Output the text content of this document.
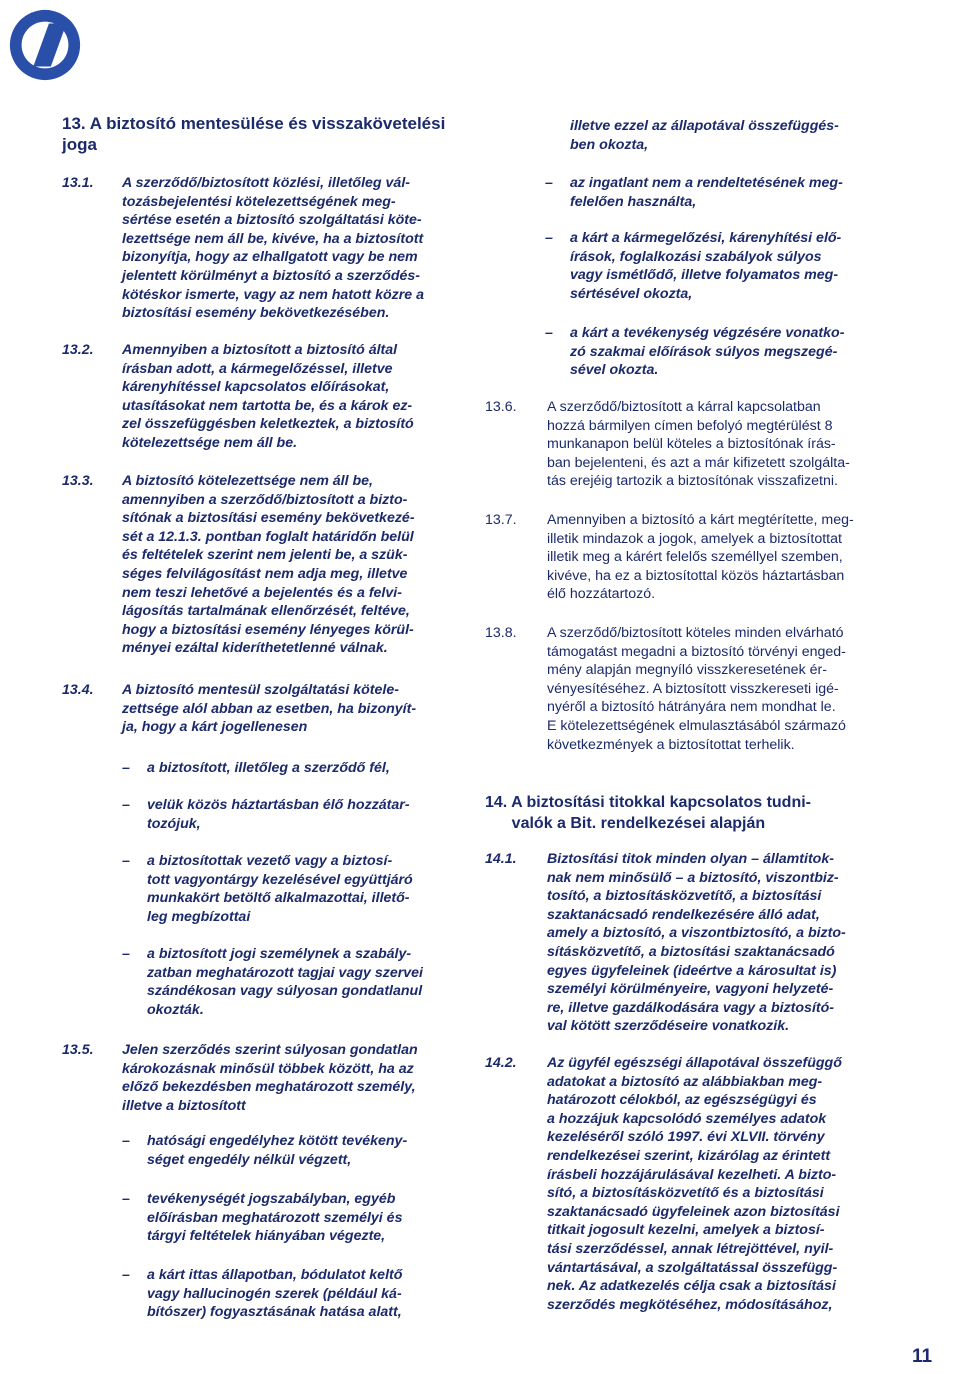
13. A biztosító mentesülése és visszakövetelési
joga
13.1. A szerződő/biztosított közlési, illetőleg vál-
tozásbejelentési kötelezettségének meg-
sértése esetén a biztosító szolgáltatási köte-
lezettsége nem áll be, kivéve, ha a biztosított
bizonyítja, hogy az elhallgatott vagy be nem
jelentett körülményt a biztosító a szerződés-
kötéskor ismerte, vagy az nem hatott közre a
biztosítási esemény bekövetkezésében.
13.2. Amennyiben a biztosított a biztosító által
írásban adott, a kármegelőzéssel, illetve
kárenyhítéssel kapcsolatos előírásokat,
utasításokat nem tartotta be, és a károk ez-
zel összefüggésben keletkeztek, a biztosító
kötelezettsége nem áll be.
13.3. A biztosító kötelezettsége nem áll be,
amennyiben a szerződő/biztosított a bizto-
sítónak a biztosítási esemény bekövetkezé-
sét a 12.1.3. pontban foglalt határidőn belül
és feltételek szerint nem jelenti be, a szük-
séges felvilágosítást nem adja meg, illetve
nem teszi lehetővé a bejelentés és a felvi-
lágosítás tartalmának ellenőrzését, feltéve,
hogy a biztosítási esemény lényeges körül-
ményei ezáltal kideríthetetlenné válnak.
13.4. A biztosító mentesül szolgáltatási kötele-
zettsége alól abban az esetben, ha bizonyít-
ja, hogy a kárt jogellenesen
– a biztosított, illetőleg a szerződő fél,
– velük közös háztartásban élő hozzátar-
tozójuk,
– a biztosítottak vezető vagy a biztosí-
tott vagyontárgy kezelésével együttjáró
munkakört betöltő alkalmazottai, illető-
leg megbízottai
– a biztosított jogi személynek a szabály-
zatban meghatározott tagjai vagy szervei
szándékosan vagy súlyosan gondatlanul
okozták.
13.5. Jelen szerződés szerint súlyosan gondatlan
károkozásnak minősül többek között, ha az
előző bekezdésben meghatározott személy,
illetve a biztosított
– hatósági engedélyhez kötött tevékeny-
séget engedély nélkül végzett,
– tevékenységét jogszabályban, egyéb
előírásban meghatározott személyi és
tárgyi feltételek hiányában végezte,
– a kárt ittas állapotban, bódulatot keltő
vagy hallucinogén szerek (például ká-
bítószer) fogyasztásának hatása alatt,
illetve ezzel az állapotával összefüggés-
ben okozta,
– az ingatlant nem a rendeltetésének meg-
felelően használta,
– a kárt a kármegelőzési, kárenyhítési elő-
írások, foglalkozási szabályok súlyos
vagy ismétlődő, illetve folyamatos meg-
sértésével okozta,
– a kárt a tevékenység végzésére vonatko-
zó szakmai előírások súlyos megszegé-
sével okozta.
13.6. A szerződő/biztosított a kárral kapcsolatban
hozzá bármilyen címen befolyó megtérülést 8
munkanapon belül köteles a biztosítónak írás-
ban bejelenteni, és azt a már kifizetett szolgálta-
tás erejéig tartozik a biztosítónak visszafizetni.
13.7. Amennyiben a biztosító a kárt megtérítette, meg-
illetik mindazok a jogok, amelyek a biztosítottat
illetik meg a kárért felelős személlyel szemben,
kivéve, ha ez a biztosítottal közös háztartásban
élő hozzátartozó.
13.8. A szerződő/biztosított köteles minden elvárható
támogatást megadni a biztosító törvényi enged-
mény alapján megnyíló visszkeresetének ér-
vényesítéséhez. A biztosított visszkereseti igé-
nyéről a biztosító hátrányára nem mondhat le.
E kötelezettségének elmulasztásából származó
következmények a biztosítottat terhelik.
14. A biztosítási titokkal kapcsolatos tudni-
valók a Bit. rendelkezései alapján
14.1. Biztosítási titok minden olyan – államtitok-
nak nem minősülő – a biztosító, viszontbiz-
tosító, a biztosításközvetítő, a biztosítási
szaktanácsadó rendelkezésére álló adat,
amely a biztosító, a viszontbiztosító, a bizto-
sításközvetítő, a biztosítási szaktanácsadó
egyes ügyfeleinek (ideértve a károsultat is)
személyi körülményeire, vagyoni helyzeté-
re, illetve gazdálkodására vagy a biztosító-
val kötött szerződéseire vonatkozik.
14.2. Az ügyfél egészségi állapotával összefüggő
adatokat a biztosító az alábbiakban meg-
határozott célokból, az egészségügyi és
a hozzájuk kapcsolódó személyes adatok
kezeléséről szóló 1997. évi XLVII. törvény
rendelkezései szerint, kizárólag az érintett
írásbeli hozzájárulásával kezelheti. A bizto-
sító, a biztosításközvetítő és a biztosítási
szaktanácsadó ügyfeleinek azon biztosítási
titkait jogosult kezelni, amelyek a biztosí-
tási szerződéssel, annak létrejöttével, nyil-
vántartásával, a szolgáltatással összefügg-
nek. Az adatkezelés célja csak a biztosítási
szerződés megkötéséhez, módosításához,
11
